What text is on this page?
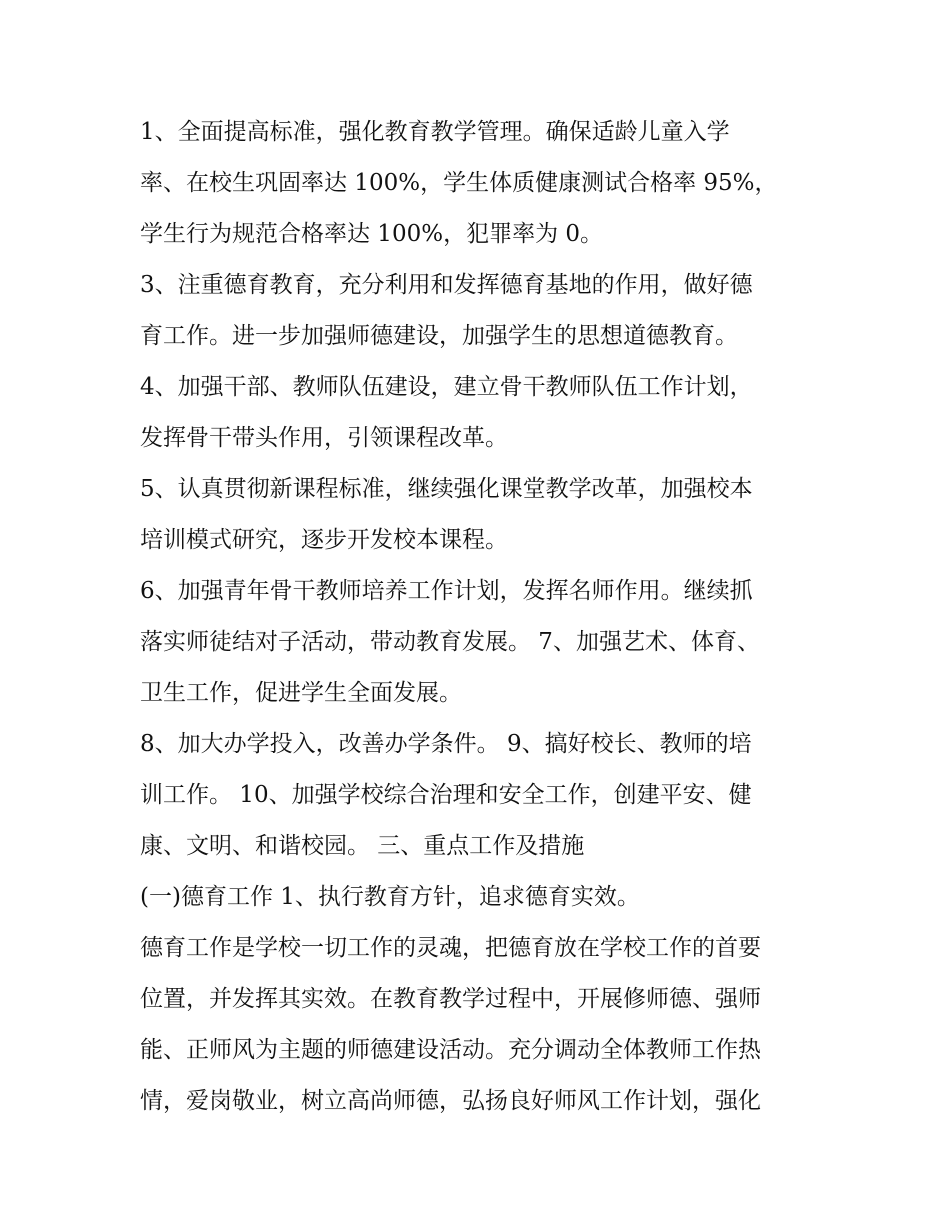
1、全面提高标准，强化教育教学管理。确保适龄儿童入学
率、在校生巩固率达 100%，学生体质健康测试合格率 95%，
学生行为规范合格率达 100%，犯罪率为 0。
3、注重德育教育，充分利用和发挥德育基地的作用，做好德
育工作。进一步加强师德建设，加强学生的思想道德教育。
4、加强干部、教师队伍建设，建立骨干教师队伍工作计划，
发挥骨干带头作用，引领课程改革。
5、认真贯彻新课程标准，继续强化课堂教学改革，加强校本
培训模式研究，逐步开发校本课程。
6、加强青年骨干教师培养工作计划，发挥名师作用。继续抓
落实师徒结对子活动，带动教育发展。 7、加强艺术、体育、
卫生工作，促进学生全面发展。
8、加大办学投入，改善办学条件。 9、搞好校长、教师的培
训工作。 10、加强学校综合治理和安全工作，创建平安、健
康、文明、和谐校园。 三、重点工作及措施
(一)德育工作 1、执行教育方针，追求德育实效。
德育工作是学校一切工作的灵魂，把德育放在学校工作的首要
位置，并发挥其实效。在教育教学过程中，开展修师德、强师
能、正师风为主题的师德建设活动。充分调动全体教师工作热
情，爱岗敬业，树立高尚师德，弘扬良好师风工作计划，强化
